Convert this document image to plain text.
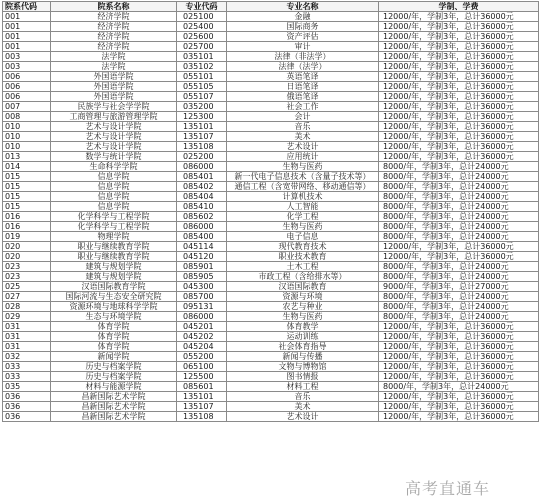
院系代码	院系名称	专业代码	专业名称	学制、学费
001	经济学院	025100	金融	12000/年，学制3年，总计36000元
001	经济学院	025400	国际商务	12000/年，学制3年，总计36000元
001	经济学院	025600	资产评估	12000/年，学制3年，总计36000元
001	经济学院	025700	审计	12000/年，学制3年，总计36000元
003	法学院	035101	法律（非法学）	12000/年，学制3年，总计36000元
003	法学院	035102	法律（法学）	12000/年，学制3年，总计36000元
006	外国语学院	055101	英语笔译	12000/年，学制3年，总计36000元
006	外国语学院	055105	日语笔译	12000/年，学制3年，总计36000元
006	外国语学院	055107	俄语笔译	12000/年，学制3年，总计36000元
007	民族学与社会学学院	035200	社会工作	12000/年，学制3年，总计36000元
008	工商管理与旅游管理学院	125300	会计	12000/年，学制3年，总计36000元
010	艺术与设计学院	135101	音乐	12000/年，学制3年，总计36000元
010	艺术与设计学院	135107	美术	12000/年，学制3年，总计36000元
010	艺术与设计学院	135108	艺术设计	12000/年，学制3年，总计36000元
013	数学与统计学院	025200	应用统计	12000/年，学制3年，总计36000元
014	生命科学学院	086000	生物与医药	8000/年，学制3年，总计24000元
015	信息学院	085401	新一代电子信息技术（含量子技术等）	8000/年，学制3年，总计24000元
015	信息学院	085402	通信工程（含宽带网络、移动通信等）	8000/年，学制3年，总计24000元
015	信息学院	085404	计算机技术	8000/年，学制3年，总计24000元
015	信息学院	085410	人工智能	8000/年，学制3年，总计24000元
016	化学科学与工程学院	085602	化学工程	8000/年，学制3年，总计24000元
016	化学科学与工程学院	086000	生物与医药	8000/年，学制3年，总计24000元
019	物理学院	085400	电子信息	8000/年，学制3年，总计24000元
020	职业与继续教育学院	045114	现代教育技术	12000/年，学制3年，总计36000元
020	职业与继续教育学院	045120	职业技术教育	12000/年，学制3年，总计36000元
023	建筑与规划学院	085901	土木工程	8000/年，学制3年，总计24000元
023	建筑与规划学院	085905	市政工程（含给排水等）	8000/年，学制3年，总计24000元
025	汉语国际教育学院	045300	汉语国际教育	9000/年，学制3年，总计27000元
027	国际河流与生态安全研究院	085700	资源与环境	8000/年，学制3年，总计24000元
028	资源环境与地球科学学院	095131	农艺与种业	8000/年，学制3年，总计24000元
029	生态与环境学院	086000	生物与医药	8000/年，学制3年，总计24000元
031	体育学院	045201	体育教学	12000/年，学制3年，总计36000元
031	体育学院	045202	运动训练	12000/年，学制3年，总计36000元
031	体育学院	045204	社会体育指导	12000/年，学制3年，总计36000元
032	新闻学院	055200	新闻与传播	12000/年，学制3年，总计36000元
033	历史与档案学院	065100	文物与博物馆	12000/年，学制3年，总计36000元
033	历史与档案学院	125500	图书情报	12000/年，学制3年，总计36000元
035	材料与能源学院	085601	材料工程	8000/年，学制3年，总计24000元
036	昌新国际艺术学院	135101	音乐	12000/年，学制3年，总计36000元
036	昌新国际艺术学院	135107	美术	12000/年，学制3年，总计36000元
036	昌新国际艺术学院	135108	艺术设计	12000/年，学制3年，总计36000元
高考直通车
